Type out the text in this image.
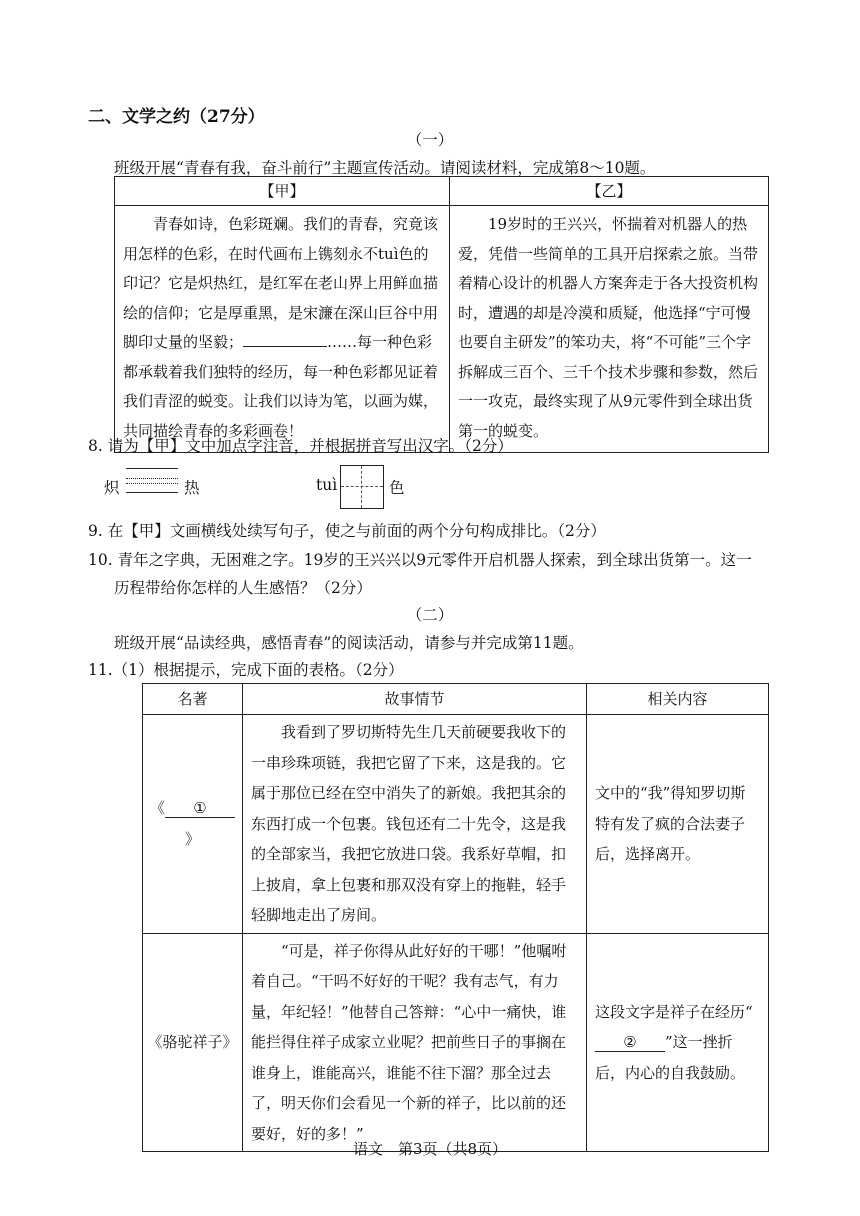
二、文学之约（27分）
（一）
班级开展“青春有我，奋斗前行”主题宣传活动。请阅读材料，完成第8～10题。
【甲】	【乙】

青春如诗，色彩斑斓。我们的青春，究竟该用怎样的色彩，在时代画布上镌刻永不tuì色的印记？它是炽热红，是红军在老山界上用鲜血描绘的信仰；它是厚重黑，是宋濂在深山巨谷中用脚印丈量的坚毅； ……每一种色彩都承载着我们独特的经历，每一种色彩都见证着我们青涩的蜕变。让我们以诗为笔，以画为媒，共同描绘青春的多彩画卷！	19岁时的王兴兴，怀揣着对机器人的热爱，凭借一些简单的工具开启探索之旅。当带着精心设计的机器人方案奔走于各大投资机构时，遭遇的却是冷漠和质疑，他选择“宁可慢也要自主研发”的笨功夫，将“不可能”三个字拆解成三百个、三千个技术步骤和参数，然后一一攻克，最终实现了从9元零件到全球出货第一的蜕变。
8. 请为【甲】文中加点字注音，并根据拼音写出汉字。（2分）
炽	热	tuì	色
9. 在【甲】文画横线处续写句子，使之与前面的两个分句构成排比。（2分）
10. 青年之字典，无困难之字。19岁的王兴兴以9元零件开启机器人探索，到全球出货第一。这一
历程带给你怎样的人生感悟？（2分）
（二）
班级开展“品读经典，感悟青春”的阅读活动，请参与并完成第11题。
11.（1）根据提示，完成下面的表格。（2分）
名著	故事情节	相关内容
《 ①》	我看到了罗切斯特先生几天前硬要我收下的一串珍珠项链，我把它留了下来，这是我的。它属于那位已经在空中消失了的新娘。我把其余的东西打成一个包裹。钱包还有二十先令，这是我的全部家当，我把它放进口袋。我系好草帽，扣上披肩，拿上包裹和那双没有穿上的拖鞋，轻手轻脚地走出了房间。	文中的“我”得知罗切斯特有发了疯的合法妻子后，选择离开。
《骆驼祥子》	“可是，祥子你得从此好好的干哪！”他嘱咐着自己。“干吗不好好的干呢？我有志气，有力量，年纪轻！”他替自己答辩：“心中一痛快，谁能拦得住祥子成家立业呢？把前些日子的事搁在谁身上，谁能高兴，谁能不往下溜？那全过去了，明天你们会看见一个新的祥子，比以前的还要好，好的多！”	这段文字是祥子在经历“② ”这一挫折后，内心的自我鼓励。
语文　第3页（共8页）
